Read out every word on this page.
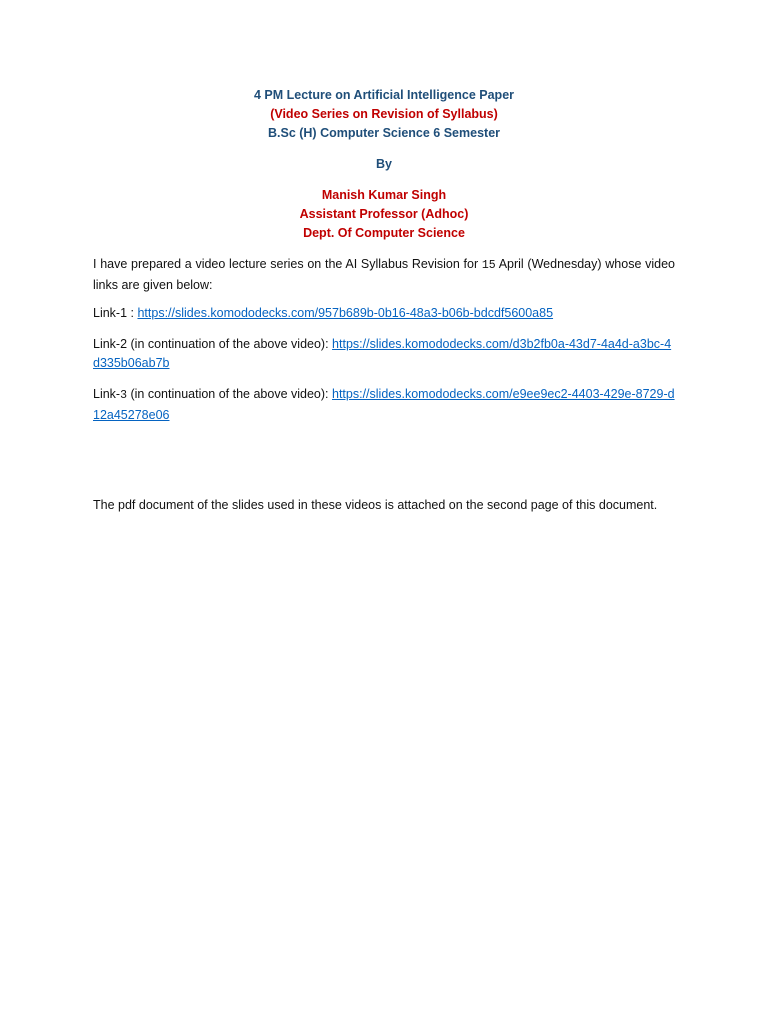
4 PM Lecture on Artificial Intelligence Paper
(Video Series on Revision of Syllabus)
B.Sc (H) Computer Science 6 Semester
By
Manish Kumar Singh
Assistant Professor (Adhoc)
Dept. Of Computer Science
I have prepared a video lecture series on the AI Syllabus Revision for 15 April (Wednesday) whose video links are given below:
Link-1 : https://slides.komododecks.com/957b689b-0b16-48a3-b06b-bdcdf5600a85
Link-2 (in continuation of the above video): https://slides.komododecks.com/d3b2fb0a-43d7-4a4d-a3bc-4d335b06ab7b
Link-3 (in continuation of the above video): https://slides.komododecks.com/e9ee9ec2-4403-429e-8729-d12a45278e06
The pdf document of the slides used in these videos is attached on the second page of this document.
